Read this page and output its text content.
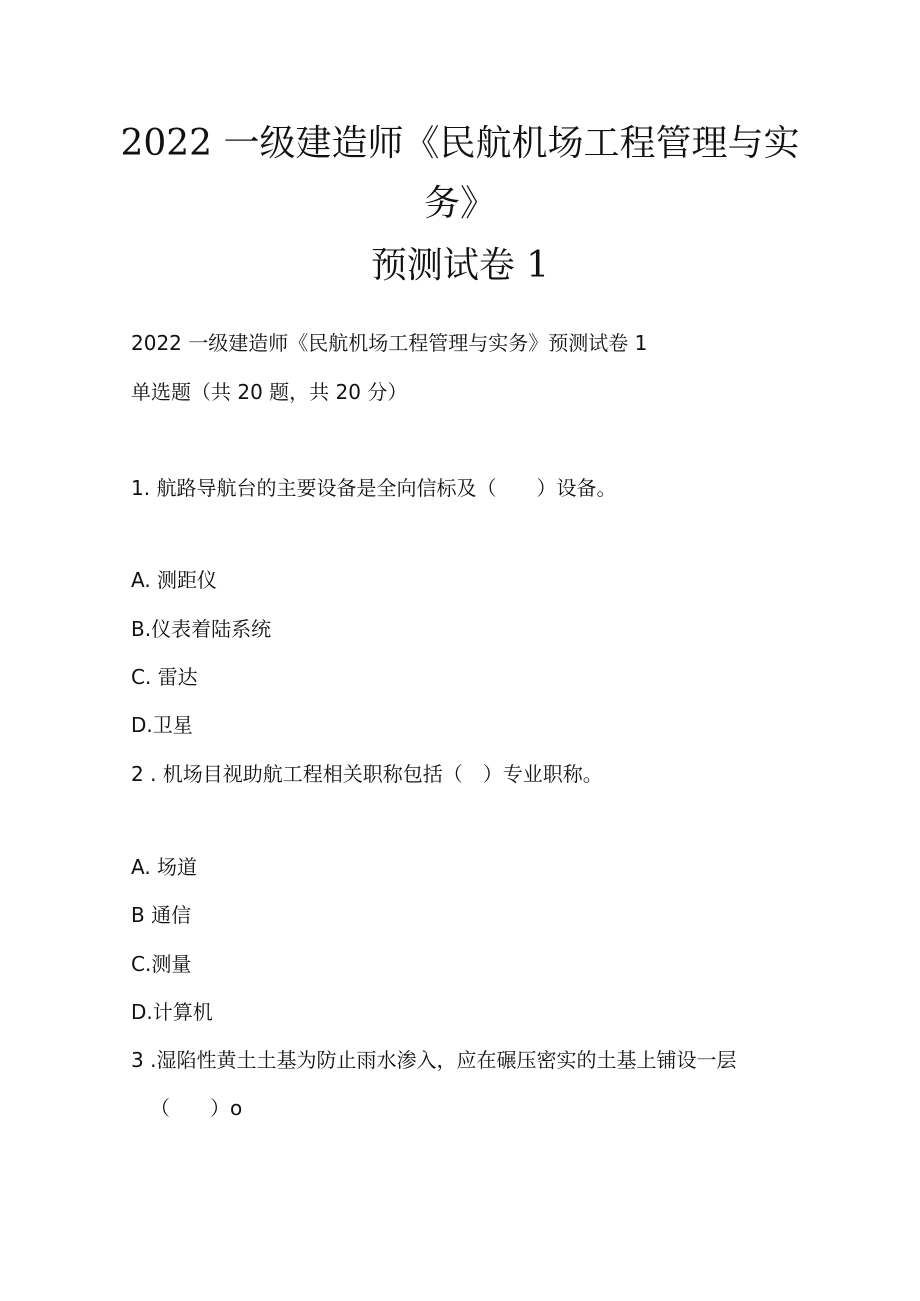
2022 一级建造师《民航机场工程管理与实
务》
预测试卷 1
2022 一级建造师《民航机场工程管理与实务》预测试卷 1
单选题（共 20 题，共 20 分）
1. 航路导航台的主要设备是全向信标及（　　）设备。
A. 测距仪
B.仪表着陆系统
C. 雷达
D.卫星
2 . 机场目视助航工程相关职称包括（　）专业职称。
A. 场道
B 通信
C.测量
D.计算机
3 .湿陷性黄土土基为防止雨水渗入，应在碾压密实的土基上铺设一层
（　　）o
